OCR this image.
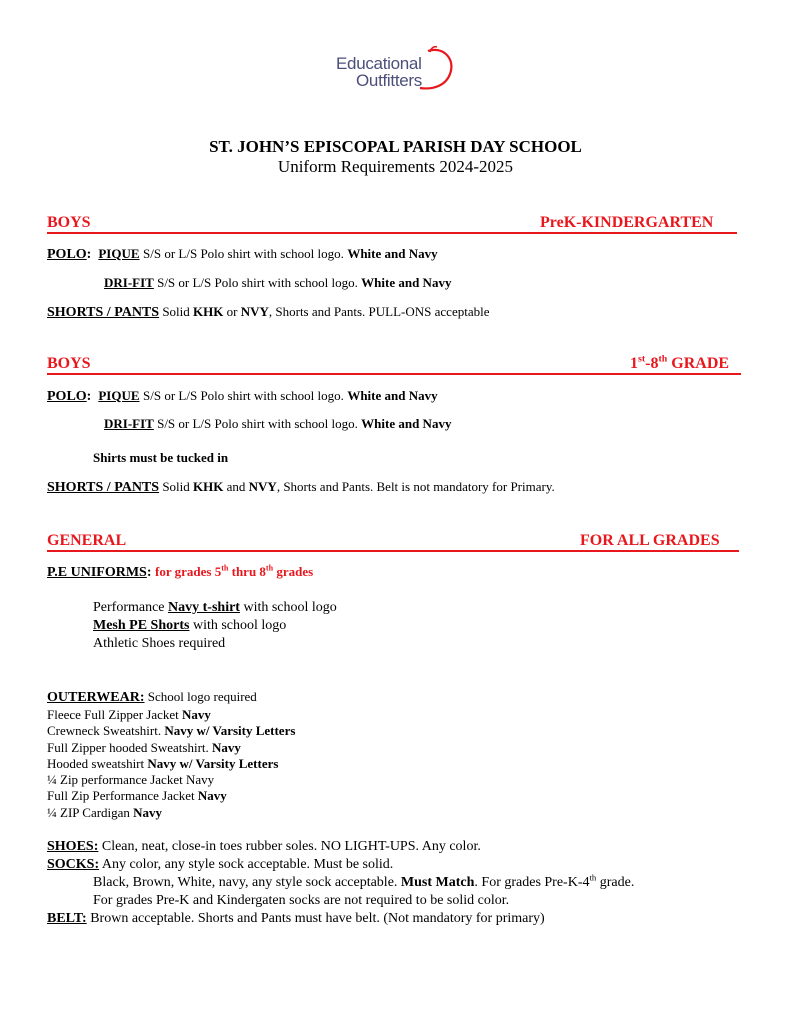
Educational
Outfitters
ST. JOHN’S EPISCOPAL PARISH DAY SCHOOL
Uniform Requirements 2024-2025
BOYS	PreK-KINDERGARTEN
POLO: PIQUE S/S or L/S Polo shirt with school logo. White and Navy
DRI-FIT S/S or L/S Polo shirt with school logo. White and Navy
SHORTS / PANTS Solid KHK or NVY, Shorts and Pants. PULL-ONS acceptable
BOYS	1st-8th GRADE
POLO: PIQUE S/S or L/S Polo shirt with school logo. White and Navy
DRI-FIT S/S or L/S Polo shirt with school logo. White and Navy
Shirts must be tucked in
SHORTS / PANTS Solid KHK and NVY, Shorts and Pants. Belt is not mandatory for Primary.
GENERAL	FOR ALL GRADES
P.E UNIFORMS: for grades 5th thru 8th grades
Performance Navy t-shirt with school logo
Mesh PE Shorts with school logo
Athletic Shoes required
OUTERWEAR: School logo required
Fleece Full Zipper Jacket Navy
Crewneck Sweatshirt. Navy w/ Varsity Letters
Full Zipper hooded Sweatshirt. Navy
Hooded sweatshirt Navy w/ Varsity Letters
¼ Zip performance Jacket Navy
Full Zip Performance Jacket Navy
¼ ZIP Cardigan Navy
SHOES: Clean, neat, close-in toes rubber soles. NO LIGHT-UPS. Any color.
SOCKS: Any color, any style sock acceptable. Must be solid.
Black, Brown, White, navy, any style sock acceptable. Must Match. For grades Pre-K-4th grade.
For grades Pre-K and Kindergaten socks are not required to be solid color.
BELT: Brown acceptable. Shorts and Pants must have belt. (Not mandatory for primary)
